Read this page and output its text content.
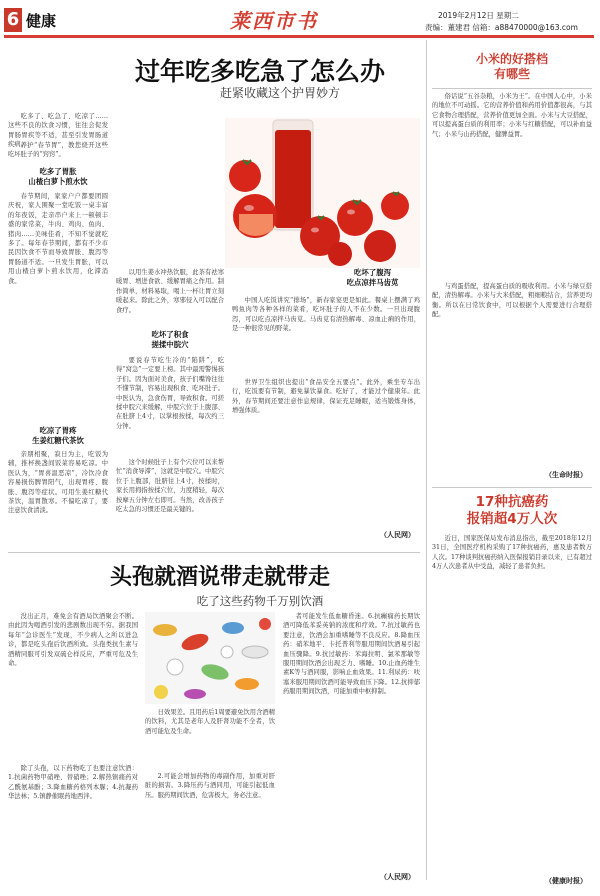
6 健康	莱西市书	2019年2月12日 星期二
责编：董建君 信箱：a88470000@163.com
过年吃多吃急了怎么办
赶紧收藏这个护胃妙方

吃多了、吃急了、吃凉了……这些不良的饮食习惯，往往会促发胃肠胃疾等不适，甚至引发胃肠道疾病。

养护“春节胃”，教您烧开这些吃坏肚子的“窍窍”。

吃多了胃胀
山楂白萝卜煎水饮

春节期间，家家户户都要团圆庆祝，家人围聚一堂吃饭一桌丰富的年夜饭，走亲串户来上一顿顿丰盛的家常菜，牛肉、鸡肉、鱼肉、猪肉……美味佳肴，不知不觉就吃多了。每年春节期间，都有不少市民因饮食不节而导致胃胀、腹泻等胃肠道不适。一旦发生胃胀，可以用山楂白萝卜煎水饮用，化滞消食。

吃凉了胃疼
生姜红糖代茶饮

亲朋相聚，寂日为主，吃饭为辅，推杯换盏间饭菜容易吃凉。中医认为，“胃喜温恶凉”，冷饮冷食容易损伤脾胃阳气，出现胃疼、腹胀、腹泻等症状。可用生姜红糖代茶饮，温胃散寒。不偏吃凉了，要注意饮食清淡。

以用生姜水冲热饮服，此茶有祛寒暖胃、增进食欲、缓解胃痛之作用。制作简单，材料易取，喝上一杯让胃立刻暖起来。除此之外，寒邪侵入可以配合食疗。

吃坏了积食
搓揉中脘穴

要说春节吃生冷的“陷阱”，吃得“窝急”一定要上榜。其中最需警惕孩子们。因为面对美食，孩子们嘴馋往往不懂节制，容易出现积食、吃坏肚子。中医认为，急食伤胃，导致积食。可搓揉中脘穴来缓解，中脘穴位于上腹部、在肚脐上4寸，以掌根按揉，每次约三分钟。

这个时候肚子上有个穴位可以来帮忙“消食导滞”，这就是中脘穴。中脘穴位于上腹部，肚脐往上4寸，按揉时，家长用拇指按揉穴位，力度稍轻，每次按摩五分钟左右即可。当然，改善孩子吃太急的习惯还是最关键的。

吃坏了腹泻
吃点凉拌马齿苋

中国人吃饭讲究“排场”，新春家宴更是如此。餐桌上摆满了鸡鸭鱼肉等各种各样的菜肴，吃坏肚子的人不在少数。一旦出现腹泻，可以吃点凉拌马齿苋。马齿苋有清热解毒、凉血止痢的作用，是一种很常见的野菜。

世界卫生组织也提出“食品安全五要点”。此外，乘坐专车出行，吃饭要有节制，避免暴饮暴食。吃好了，才能过个健康年。此外，春节期间还要注意作息规律，保证充足睡眠，适当锻炼身体，增强体质。

（人民网）
小米的好搭档
有哪些

俗话说“五谷杂粮，小米为王”。在中国人心中，小米的地位不可动摇。它的营养价值和药用价值都很高，与其它食物合理搭配，营养价值更加全面。小米与大豆搭配，可以提高蛋白质的利用率；小米与红糖搭配，可以补血益气；小米与山药搭配，健脾益胃。

与鸡蛋搭配，提高蛋白质的吸收利用。小米与绿豆搭配，清热解毒。小米与大米搭配，粗细粮结合，营养更均衡。所以在日常饮食中，可以根据个人需要进行合理搭配。

（生命时报）
17种抗癌药
报销超4万人次

近日，国家医保局发布消息指出，截至2018年12月31日，全国医疗机构采购了17种抗癌药，惠及患者数万人次。17种谈判抗癌药纳入医保报销目录以来，已有超过4万人次患者从中受益，减轻了患者负担。

（健康时报）
头孢就酒说带走就带走
吃了这些药物千万别饮酒

没出正月，难免会有酒局饮酒聚会不断。由此因为喝酒引发的悲剧数出现不穷。据我国每年“急诊医生”发现，不少病人之所以进急诊，都是吃头孢后饮酒所致。头孢类抗生素与酒精同服可引发双硫仑样反应，严重可危及生命。

除了头孢，以下药物吃了也要注意饮酒：1.抗菌药物甲硝唑、替硝唑；2.解热镇痛药对乙酰氨基酚；3.降血糖药格列本脲；4.抗凝药华法林；5.镇静催眠药地西泮。

日效果差。且用药后1周要避免饮用含酒精的饮料，尤其是老年人及肝肾功能不全者，饮酒可能危及生命。

2.可能会增加药物的毒副作用，加重对肝脏的损害。3.降压药与酒同用，可能引起低血压。服药期间饮酒，危害极大，务必注意。

者可能发生低血糖昏迷。6.抗癫痫药长期饮酒可降低苯妥英钠的浓度和疗效。7.抗过敏药也要注意，饮酒会加重嗜睡等不良反应。8.降血压药：硝苯地平、卡托普利等服用期间饮酒易引起血压骤降。9.抗过敏药：苯海拉明、氯苯那敏等服用期间饮酒会出现乏力、嗜睡。10.止血药维生素K等与酒同服，影响止血效果。11.利尿药：呋塞米服用期间饮酒可能导致血压下降。12.抗抑郁药服用期间饮酒，可能加重中枢抑制。

（人民网）
